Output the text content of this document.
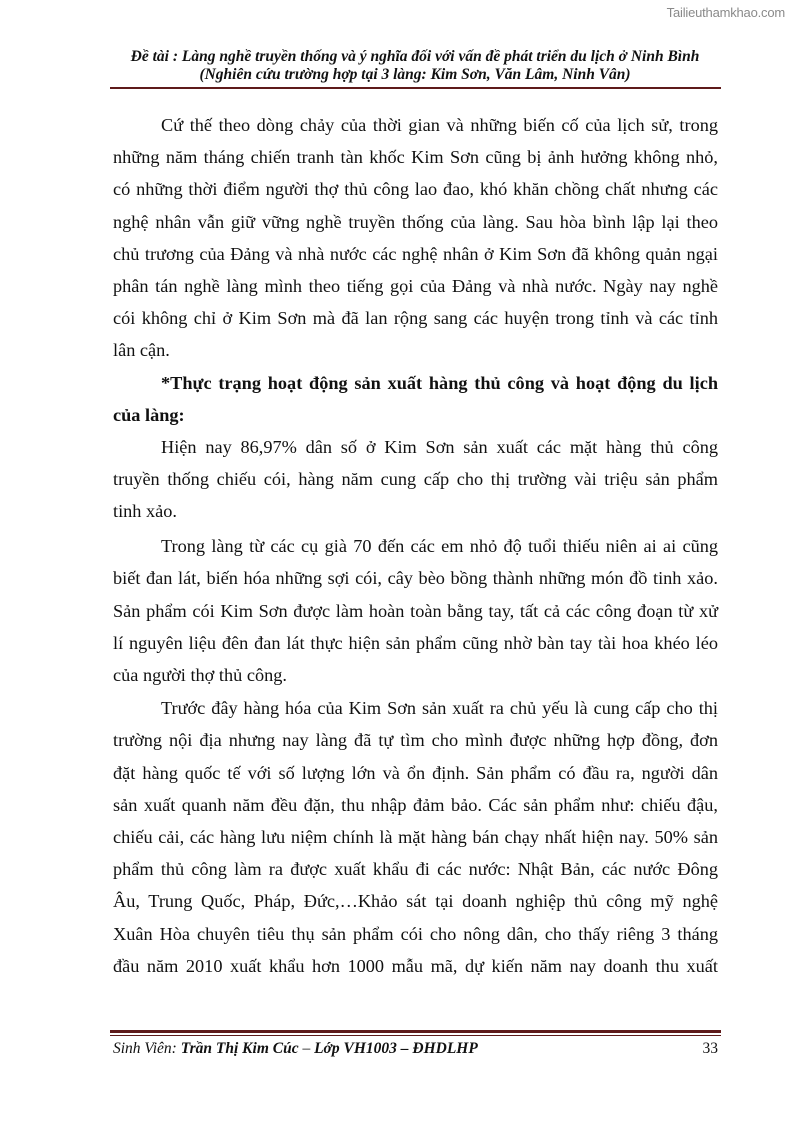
Tailieuthamkhao.com
Đề tài : Làng nghề truyền thống và ý nghĩa đối với vấn đề phát triển du lịch ở Ninh Bình
(Nghiên cứu trường hợp tại 3 làng: Kim Sơn, Văn Lâm, Ninh Vân)
Cứ thế theo dòng chảy của thời gian và những biến cố của lịch sử, trong
những năm tháng chiến tranh tàn khốc Kim Sơn cũng bị ảnh hưởng không nhỏ,
có những thời điểm người thợ thủ công lao đao, khó khăn chồng chất nhưng các
nghệ nhân vẫn giữ vững nghề truyền thống của làng. Sau hòa bình lập lại theo
chủ trương của Đảng và nhà nước các nghệ nhân ở Kim Sơn đã không quản ngại
phân tán nghề làng mình theo tiếng gọi của Đảng và nhà nước. Ngày nay nghề
cói không chỉ ở Kim Sơn mà đã lan rộng sang các huyện trong tỉnh và các tỉnh
lân cận.
*Thực trạng hoạt động sản xuất hàng thủ công và hoạt động du lịch
của làng:
Hiện nay 86,97% dân số ở Kim Sơn sản xuất các mặt hàng thủ công
truyền thống chiếu cói, hàng năm cung cấp cho thị trường vài triệu sản phẩm
tinh xảo.
Trong làng từ các cụ già 70 đến các em nhỏ độ tuổi thiếu niên ai ai cũng
biết đan lát, biến hóa những sợi cói, cây bèo bồng thành những món đồ tinh xảo.
Sản phẩm cói Kim Sơn được làm hoàn toàn bằng tay, tất cả các công đoạn từ xử
lí nguyên liệu đên đan lát thực hiện sản phẩm cũng nhờ bàn tay tài hoa khéo léo
của người thợ thủ công.
Trước đây hàng hóa của Kim Sơn sản xuất ra chủ yếu là cung cấp cho thị
trường nội địa nhưng nay làng đã tự tìm cho mình được những hợp đồng, đơn
đặt hàng quốc tế với số lượng lớn và ổn định. Sản phẩm có đầu ra, người dân
sản xuất quanh năm đều đặn, thu nhập đảm bảo. Các sản phẩm như: chiếu đậu,
chiếu cải, các hàng lưu niệm chính là mặt hàng bán chạy nhất hiện nay. 50% sản
phẩm thủ công làm ra được xuất khẩu đi các nước: Nhật Bản, các nước Đông
Âu, Trung Quốc, Pháp, Đức,…Khảo sát tại doanh nghiệp thủ công mỹ nghệ
Xuân Hòa chuyên tiêu thụ sản phẩm cói cho nông dân, cho thấy riêng 3 tháng
đầu năm 2010 xuất khẩu hơn 1000 mẫu mã, dự kiến năm nay doanh thu xuất
Sinh Viên: Trần Thị Kim Cúc – Lớp VH1003 – ĐHDLHP	33
